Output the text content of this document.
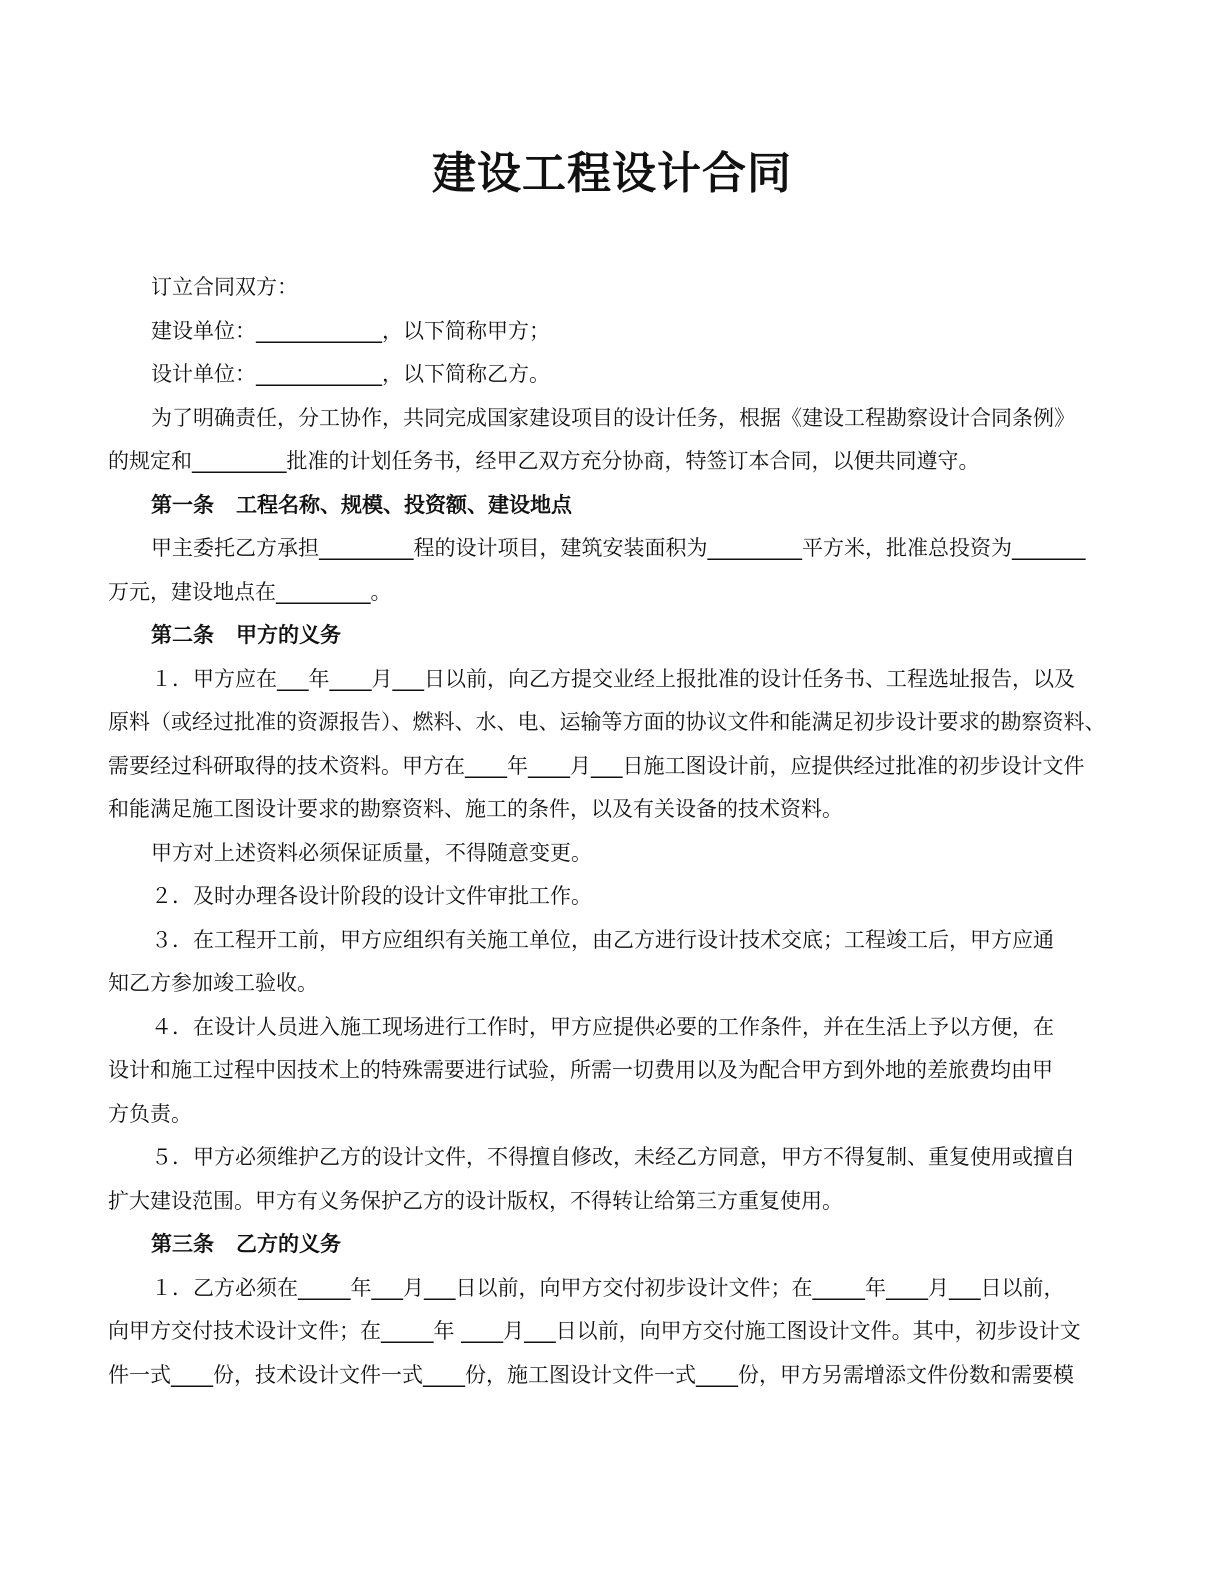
建设工程设计合同

订立合同双方：

建设单位：____________，以下简称甲方；

设计单位：____________，以下简称乙方。

为了明确责任，分工协作，共同完成国家建设项目的设计任务，根据《建设工程勘察设计合同条例》

的规定和_________批准的计划任务书，经甲乙双方充分协商，特签订本合同，以便共同遵守。

第一条 工程名称、规模、投资额、建设地点

甲主委托乙方承担_________程的设计项目，建筑安装面积为_________平方米，批准总投资为_______

万元，建设地点在_________。

第二条 甲方的义务

１．甲方应在___年____月___日以前，向乙方提交业经上报批准的设计任务书、工程选址报告，以及

原料（或经过批准的资源报告）、燃料、水、电、运输等方面的协议文件和能满足初步设计要求的勘察资料、

需要经过科研取得的技术资料。甲方在____年____月___日施工图设计前，应提供经过批准的初步设计文件

和能满足施工图设计要求的勘察资料、施工的条件，以及有关设备的技术资料。

甲方对上述资料必须保证质量，不得随意变更。

２．及时办理各设计阶段的设计文件审批工作。

３．在工程开工前，甲方应组织有关施工单位，由乙方进行设计技术交底；工程竣工后，甲方应通

知乙方参加竣工验收。

４．在设计人员进入施工现场进行工作时，甲方应提供必要的工作条件，并在生活上予以方便，在

设计和施工过程中因技术上的特殊需要进行试验，所需一切费用以及为配合甲方到外地的差旅费均由甲

方负责。

５．甲方必须维护乙方的设计文件，不得擅自修改，未经乙方同意，甲方不得复制、重复使用或擅自

扩大建设范围。甲方有义务保护乙方的设计版权，不得转让给第三方重复使用。

第三条 乙方的义务

１．乙方必须在_____年___月___日以前，向甲方交付初步设计文件；在_____年____月___日以前，

向甲方交付技术设计文件；在_____年 ____月___日以前，向甲方交付施工图设计文件。其中，初步设计文

件一式____份，技术设计文件一式____份，施工图设计文件一式____份，甲方另需增添文件份数和需要模
